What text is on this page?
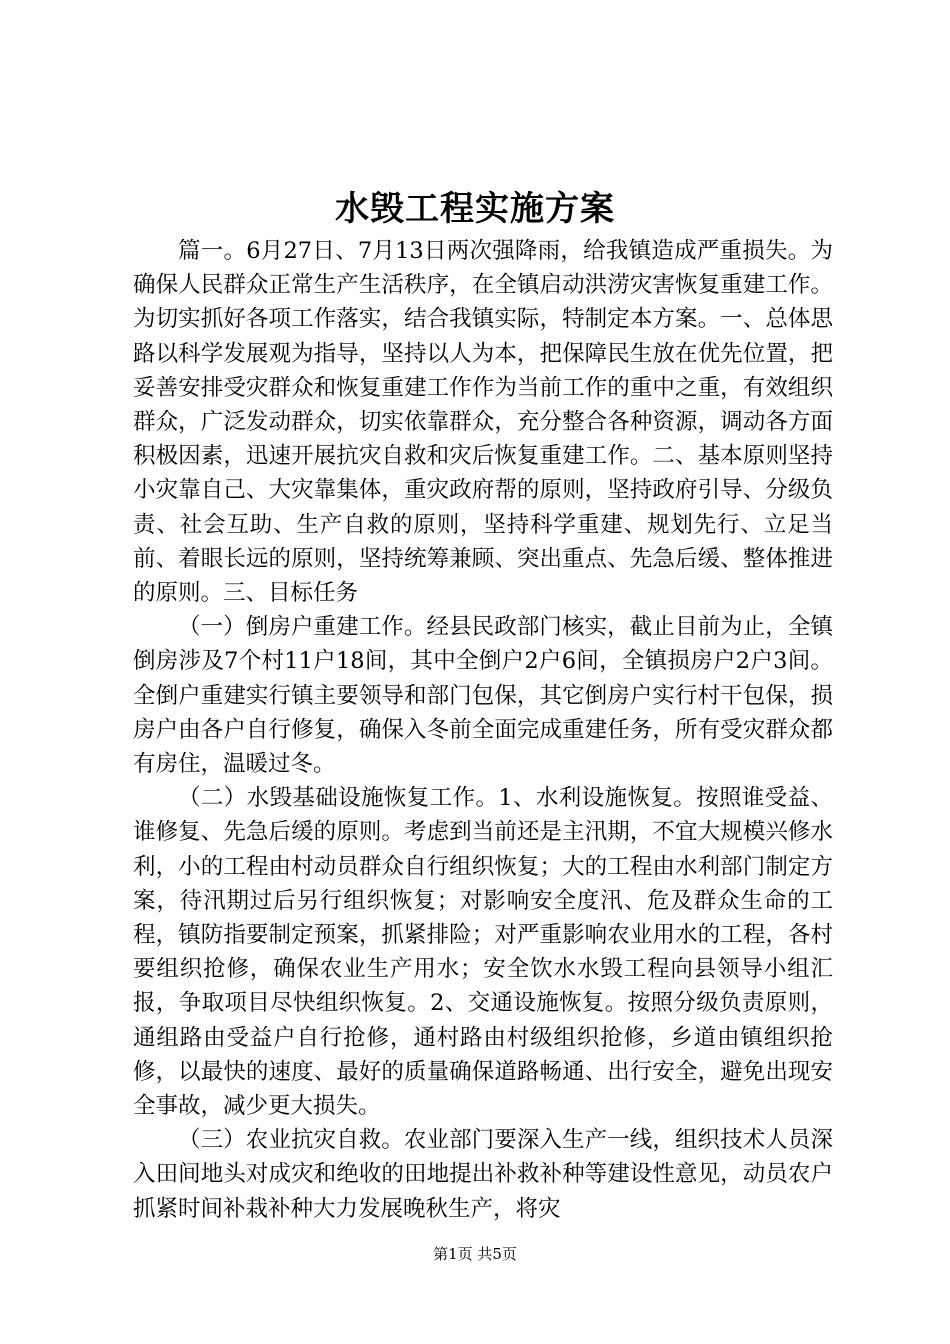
水毁工程实施方案

篇一。6月27日、7月13日两次强降雨，给我镇造成严重损失。为确保人民群众正常生产生活秩序，在全镇启动洪涝灾害恢复重建工作。为切实抓好各项工作落实，结合我镇实际，特制定本方案。一、总体思路以科学发展观为指导，坚持以人为本，把保障民生放在优先位置，把妥善安排受灾群众和恢复重建工作作为当前工作的重中之重，有效组织群众，广泛发动群众，切实依靠群众，充分整合各种资源，调动各方面积极因素，迅速开展抗灾自救和灾后恢复重建工作。二、基本原则坚持小灾靠自己、大灾靠集体，重灾政府帮的原则，坚持政府引导、分级负责、社会互助、生产自救的原则，坚持科学重建、规划先行、立足当前、着眼长远的原则，坚持统筹兼顾、突出重点、先急后缓、整体推进的原则。三、目标任务

（一）倒房户重建工作。经县民政部门核实，截止目前为止，全镇倒房涉及7个村11户18间，其中全倒户2户6间，全镇损房户2户3间。全倒户重建实行镇主要领导和部门包保，其它倒房户实行村干包保，损房户由各户自行修复，确保入冬前全面完成重建任务，所有受灾群众都有房住，温暖过冬。

（二）水毁基础设施恢复工作。1、水利设施恢复。按照谁受益、谁修复、先急后缓的原则。考虑到当前还是主汛期，不宜大规模兴修水利，小的工程由村动员群众自行组织恢复；大的工程由水利部门制定方案，待汛期过后另行组织恢复；对影响安全度汛、危及群众生命的工程，镇防指要制定预案，抓紧排险；对严重影响农业用水的工程，各村要组织抢修，确保农业生产用水；安全饮水水毁工程向县领导小组汇报，争取项目尽快组织恢复。2、交通设施恢复。按照分级负责原则，通组路由受益户自行抢修，通村路由村级组织抢修，乡道由镇组织抢修，以最快的速度、最好的质量确保道路畅通、出行安全，避免出现安全事故，减少更大损失。

（三）农业抗灾自救。农业部门要深入生产一线，组织技术人员深入田间地头对成灾和绝收的田地提出补救补种等建设性意见，动员农户抓紧时间补栽补种大力发展晚秋生产，将灾

第1页 共5页
